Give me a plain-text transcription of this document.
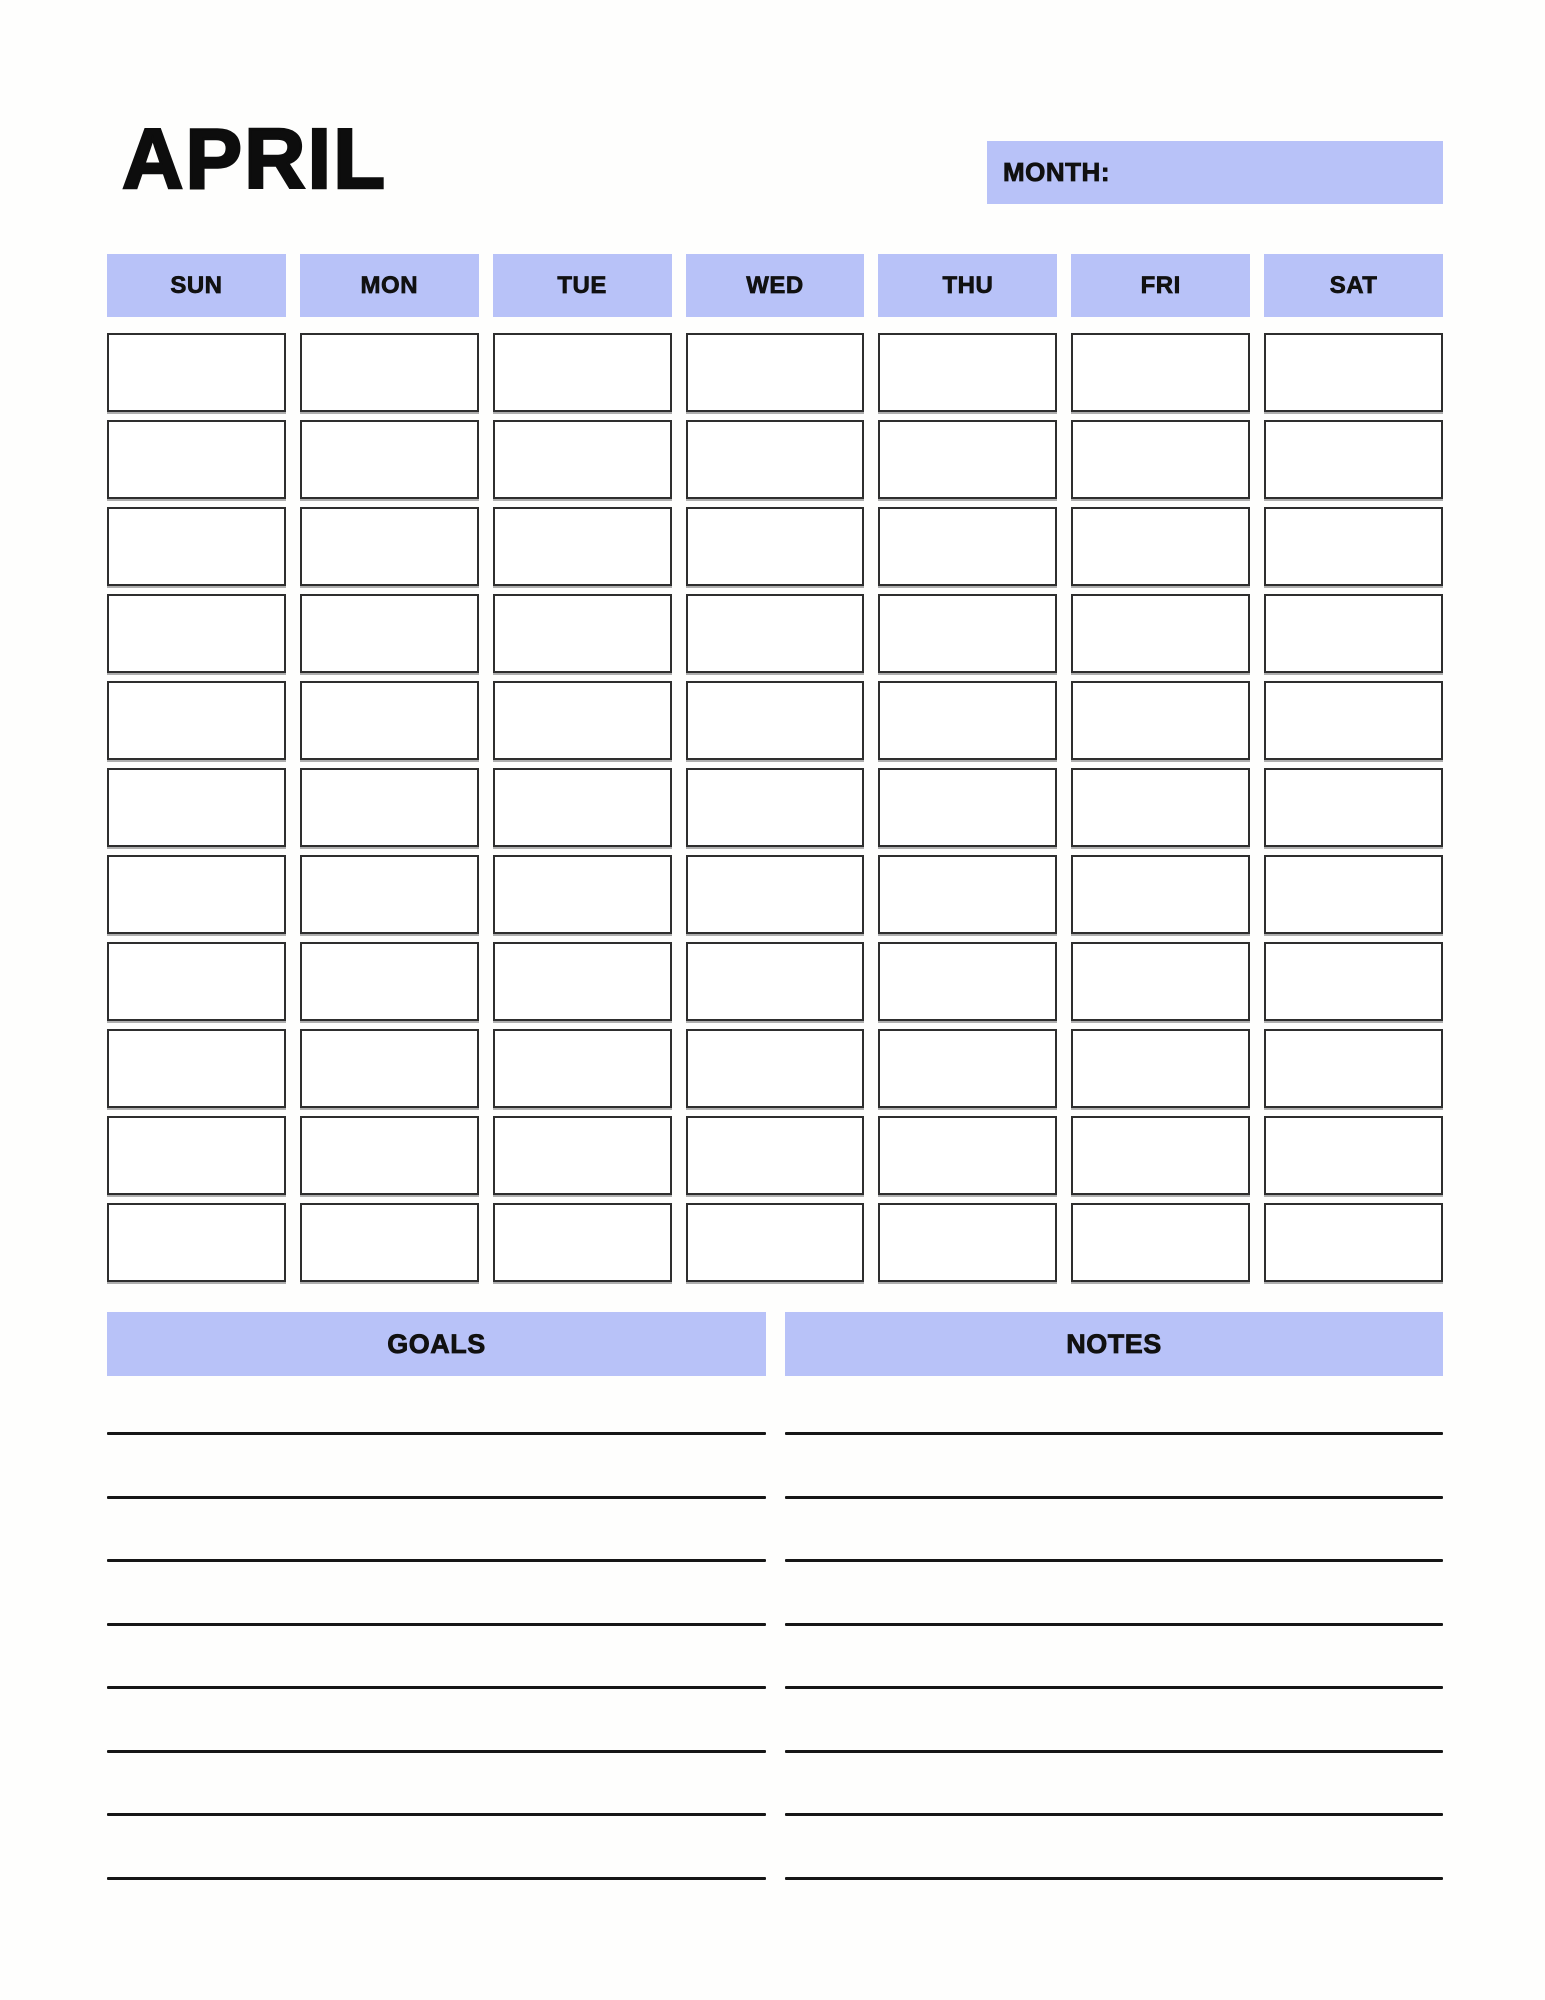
APRIL	MONTH:
SUN	MON	TUE	WED	THU	FRI	SAT
GOALS	NOTES
